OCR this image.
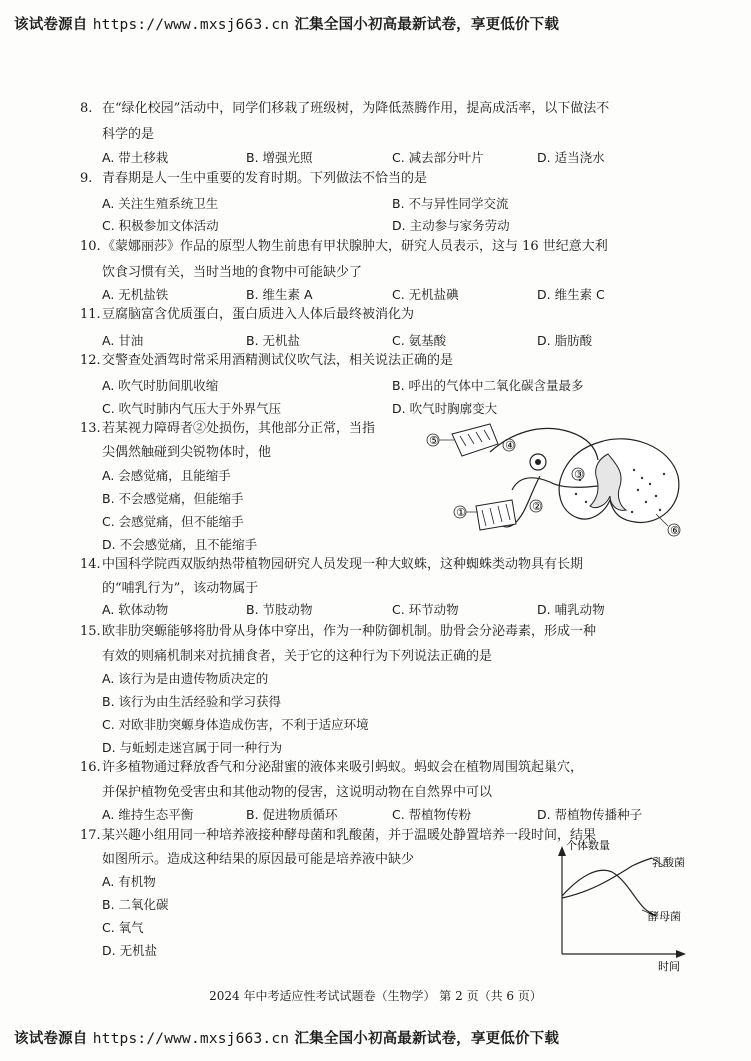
该试卷源自 https://www.mxsj663.cn 汇集全国小初高最新试卷，享更低价下载
8. 在“绿化校园”活动中，同学们移栽了班级树，为降低蒸腾作用，提高成活率，以下做法不
科学的是
A. 带土移栽	B. 增强光照	C. 减去部分叶片	D. 适当浇水
9. 青春期是人一生中重要的发育时期。下列做法不恰当的是
A. 关注生殖系统卫生	B. 不与异性同学交流
C. 积极参加文体活动	D. 主动参与家务劳动
10.《蒙娜丽莎》作品的原型人物生前患有甲状腺肿大，研究人员表示，这与 16 世纪意大利
饮食习惯有关，当时当地的食物中可能缺少了
A. 无机盐铁	B. 维生素 A	C. 无机盐碘	D. 维生素 C
11.豆腐脑富含优质蛋白，蛋白质进入人体后最终被消化为
A. 甘油	B. 无机盐	C. 氨基酸	D. 脂肪酸
12.交警查处酒驾时常采用酒精测试仪吹气法，相关说法正确的是
A. 吹气时肋间肌收缩	B. 呼出的气体中二氧化碳含量最多
C. 吹气时肺内气压大于外界气压	D. 吹气时胸廓变大
13.若某视力障碍者②处损伤，其他部分正常，当指
尖偶然触碰到尖锐物体时，他
A. 会感觉痛，且能缩手
B. 不会感觉痛，但能缩手
C. 会感觉痛，但不能缩手
D. 不会感觉痛，且不能缩手
⑤	④
①	②
③
⑥
14.中国科学院西双版纳热带植物园研究人员发现一种大蚁蛛，这种蜘蛛类动物具有长期
的“哺乳行为”，该动物属于
A. 软体动物	B. 节肢动物	C. 环节动物	D. 哺乳动物
15.欧非肋突螈能够将肋骨从身体中穿出，作为一种防御机制。肋骨会分泌毒素，形成一种
有效的则痛机制来对抗捕食者，关于它的这种行为下列说法正确的是
A. 该行为是由遗传物质决定的
B. 该行为由生活经验和学习获得
C. 对欧非肋突螈身体造成伤害，不利于适应环境
D. 与蚯蚓走迷宫属于同一种行为
16.许多植物通过释放香气和分泌甜蜜的液体来吸引蚂蚁。蚂蚁会在植物周围筑起巢穴，
并保护植物免受害虫和其他动物的侵害，这说明动物在自然界中可以
A. 维持生态平衡	B. 促进物质循环	C. 帮植物传粉	D. 帮植物传播种子
17.某兴趣小组用同一种培养液接种酵母菌和乳酸菌，并于温暖处静置培养一段时间，结果
如图所示。造成这种结果的原因最可能是培养液中缺少
A. 有机物
B. 二氧化碳
C. 氧气
D. 无机盐
个体数量
时间
乳酸菌
酵母菌
2024 年中考适应性考试试题卷（生物学） 第 2 页（共 6 页）
该试卷源自 https://www.mxsj663.cn 汇集全国小初高最新试卷，享更低价下载
